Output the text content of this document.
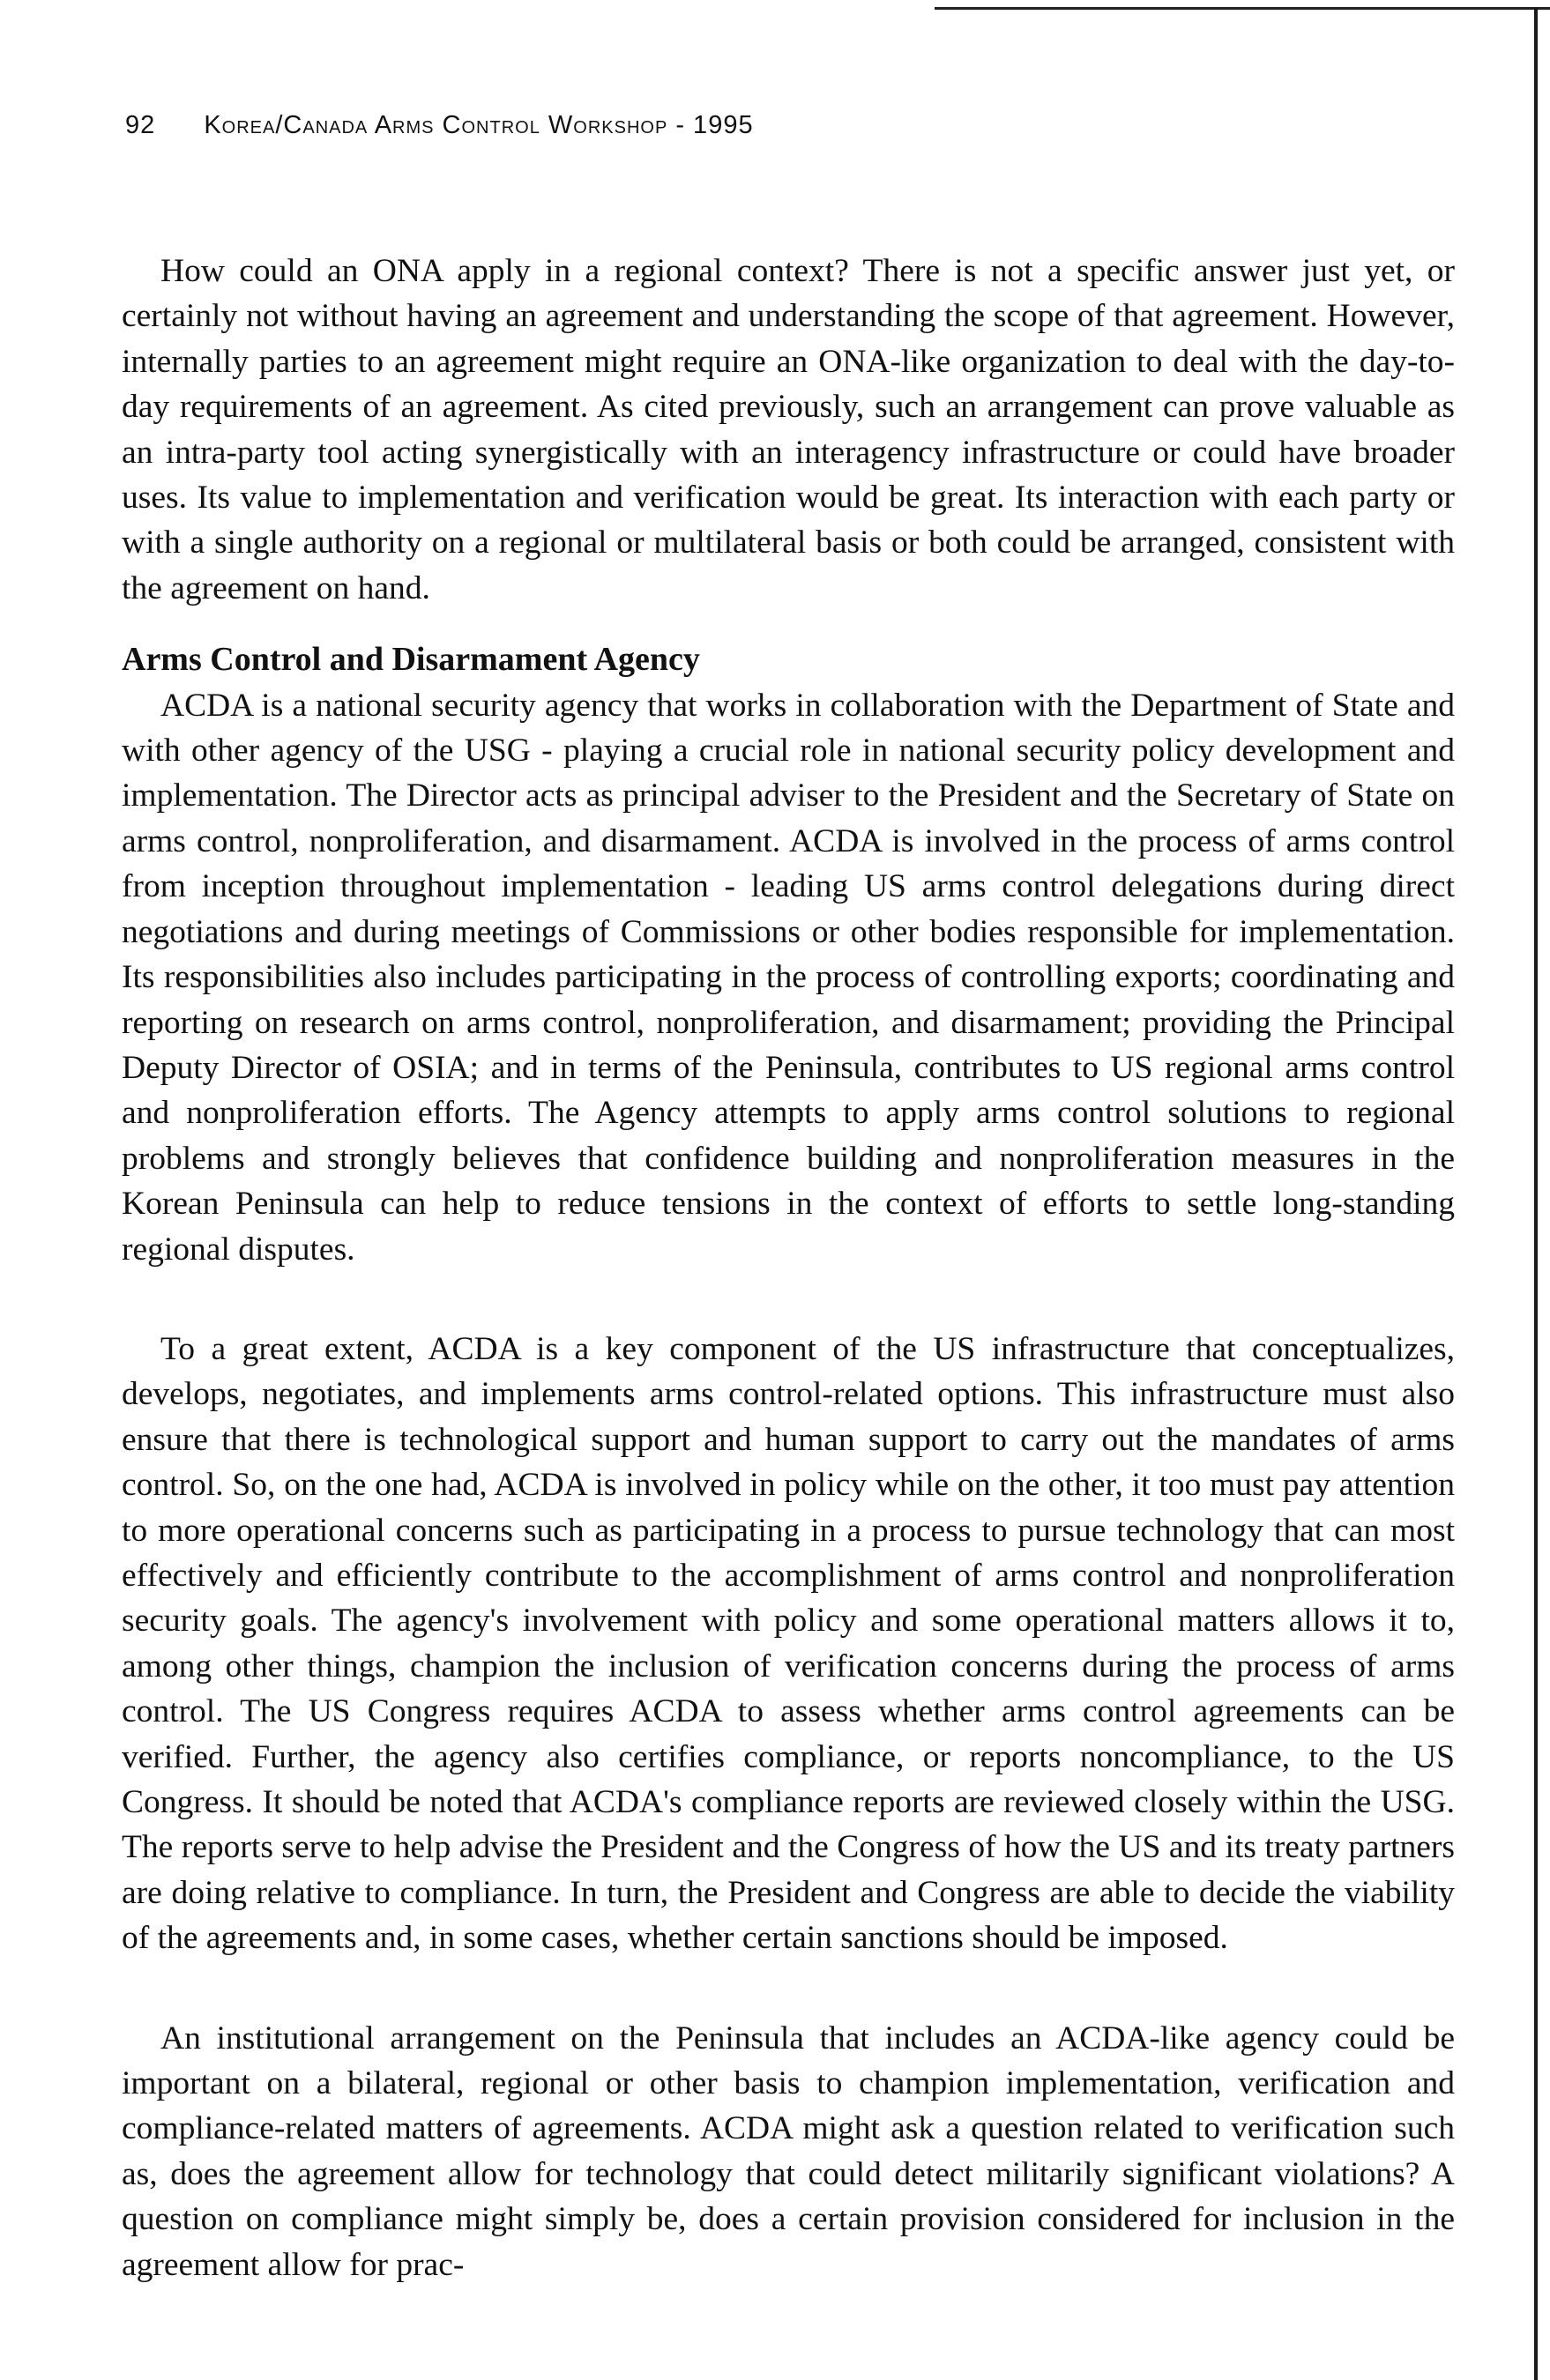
92 Korea/Canada Arms Control Workshop - 1995

How could an ONA apply in a regional context? There is not a specific answer just yet, or certainly not without having an agreement and understanding the scope of that agreement. However, internally parties to an agreement might require an ONA-like organization to deal with the day-to-day requirements of an agreement. As cited previously, such an arrangement can prove valuable as an intra-party tool acting synergistically with an interagency infrastructure or could have broader uses. Its value to implementation and verification would be great. Its interaction with each party or with a single authority on a regional or multilateral basis or both could be arranged, consistent with the agreement on hand.

Arms Control and Disarmament Agency

ACDA is a national security agency that works in collaboration with the Department of State and with other agency of the USG - playing a crucial role in national security policy development and implementation. The Director acts as principal adviser to the President and the Secretary of State on arms control, nonproliferation, and disarmament. ACDA is involved in the process of arms control from inception throughout implementation - leading US arms control delegations during direct negotiations and during meetings of Commissions or other bodies responsible for implementation. Its responsibilities also includes participating in the process of controlling exports; coordinating and reporting on research on arms control, nonproliferation, and disarmament; providing the Principal Deputy Director of OSIA; and in terms of the Peninsula, contributes to US regional arms control and nonproliferation efforts. The Agency attempts to apply arms control solutions to regional problems and strongly believes that confidence building and nonproliferation measures in the Korean Peninsula can help to reduce tensions in the context of efforts to settle long-standing regional disputes.

To a great extent, ACDA is a key component of the US infrastructure that conceptualizes, develops, negotiates, and implements arms control-related options. This infrastructure must also ensure that there is technological support and human support to carry out the mandates of arms control. So, on the one had, ACDA is involved in policy while on the other, it too must pay attention to more operational concerns such as participating in a process to pursue technology that can most effectively and efficiently contribute to the accomplishment of arms control and nonproliferation security goals. The agency's involvement with policy and some operational matters allows it to, among other things, champion the inclusion of verification concerns during the process of arms control. The US Congress requires ACDA to assess whether arms control agreements can be verified. Further, the agency also certifies compliance, or reports noncompliance, to the US Congress. It should be noted that ACDA's compliance reports are reviewed closely within the USG. The reports serve to help advise the President and the Congress of how the US and its treaty partners are doing relative to compliance. In turn, the President and Congress are able to decide the viability of the agreements and, in some cases, whether certain sanctions should be imposed.

An institutional arrangement on the Peninsula that includes an ACDA-like agency could be important on a bilateral, regional or other basis to champion implementation, verification and compliance-related matters of agreements. ACDA might ask a question related to verification such as, does the agreement allow for technology that could detect militarily significant violations? A question on compliance might simply be, does a certain provision considered for inclusion in the agreement allow for prac-
